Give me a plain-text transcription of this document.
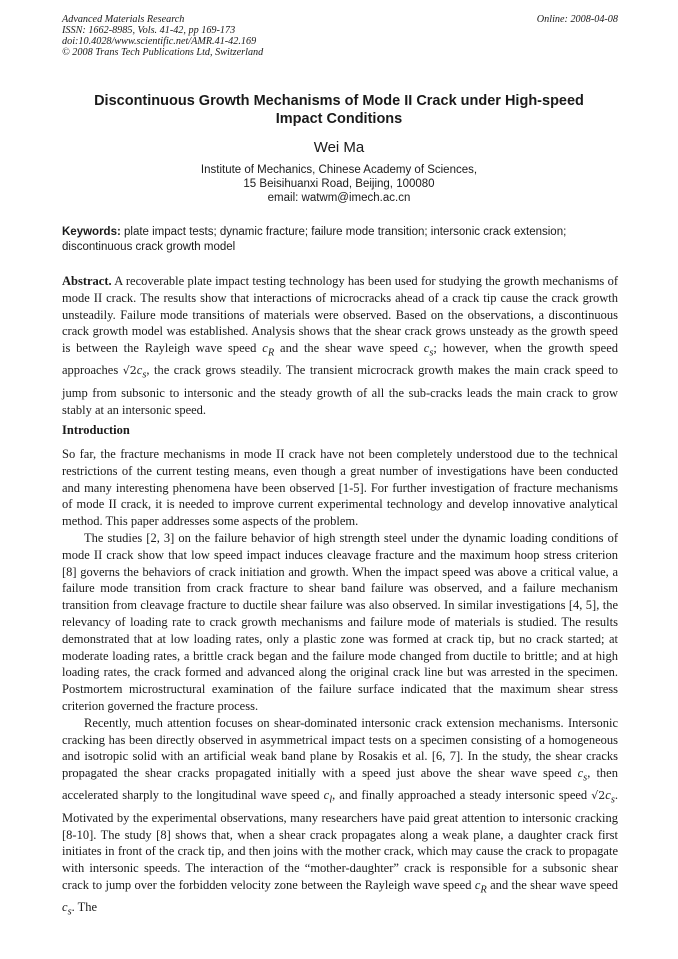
Advanced Materials Research
ISSN: 1662-8985, Vols. 41-42, pp 169-173
doi:10.4028/www.scientific.net/AMR.41-42.169
© 2008 Trans Tech Publications Ltd, Switzerland
Online: 2008-04-08
Discontinuous Growth Mechanisms of Mode II Crack under High-speed
Impact Conditions
Wei Ma
Institute of Mechanics, Chinese Academy of Sciences,
15 Beisihuanxi Road, Beijing, 100080
email: watwm@imech.ac.cn
Keywords: plate impact tests; dynamic fracture; failure mode transition; intersonic crack extension; discontinuous crack growth model
Abstract. A recoverable plate impact testing technology has been used for studying the growth mechanisms of mode II crack. The results show that interactions of microcracks ahead of a crack tip cause the crack growth unsteadily. Failure mode transitions of materials were observed. Based on the observations, a discontinuous crack growth model was established. Analysis shows that the shear crack grows unsteady as the growth speed is between the Rayleigh wave speed $c_R$ and the shear wave speed $c_s$; however, when the growth speed approaches $√2c_s$, the crack grows steadily. The transient microcrack growth makes the main crack speed to jump from subsonic to intersonic and the steady growth of all the sub-cracks leads the main crack to grow stably at an intersonic speed.
Introduction

So far, the fracture mechanisms in mode II crack have not been completely understood due to the technical restrictions of the current testing means, even though a great number of investigations have been conducted and many interesting phenomena have been observed [1-5]. For further investigation of fracture mechanisms of mode II crack, it is needed to improve current experimental technology and develop innovative analytical method. This paper addresses some aspects of the problem.

The studies [2, 3] on the failure behavior of high strength steel under the dynamic loading conditions of mode II crack show that low speed impact induces cleavage fracture and the maximum hoop stress criterion [8] governs the behaviors of crack initiation and growth. When the impact speed was above a critical value, a failure mode transition from crack fracture to shear band failure was observed, and a failure mechanism transition from cleavage fracture to ductile shear failure was also observed. In similar investigations [4, 5], the relevancy of loading rate to crack growth mechanisms and failure mode of materials is studied. The results demonstrated that at low loading rates, only a plastic zone was formed at crack tip, but no crack started; at moderate loading rates, a brittle crack began and the failure mode changed from ductile to brittle; and at high loading rates, the crack formed and advanced along the original crack line but was arrested in the specimen. Postmortem microstructural examination of the failure surface indicated that the maximum shear stress criterion governed the fracture process.

Recently, much attention focuses on shear-dominated intersonic crack extension mechanisms. Intersonic cracking has been directly observed in asymmetrical impact tests on a specimen consisting of a homogeneous and isotropic solid with an artificial weak band plane by Rosakis et al. [6, 7]. In the study, the shear cracks propagated the shear cracks propagated initially with a speed just above the shear wave speed $c_s$, then accelerated sharply to the longitudinal wave speed $c_l$, and finally approached a steady intersonic speed $√2c_s$. Motivated by the experimental observations, many researchers have paid great attention to intersonic cracking [8-10]. The study [8] shows that, when a shear crack propagates along a weak plane, a daughter crack first initiates in front of the crack tip, and then joins with the mother crack, which may cause the crack to propagate with intersonic speeds. The interaction of the “mother-daughter” crack is responsible for a subsonic shear crack to jump over the forbidden velocity zone between the Rayleigh wave speed $c_R$ and the shear wave speed $c_s$. The
